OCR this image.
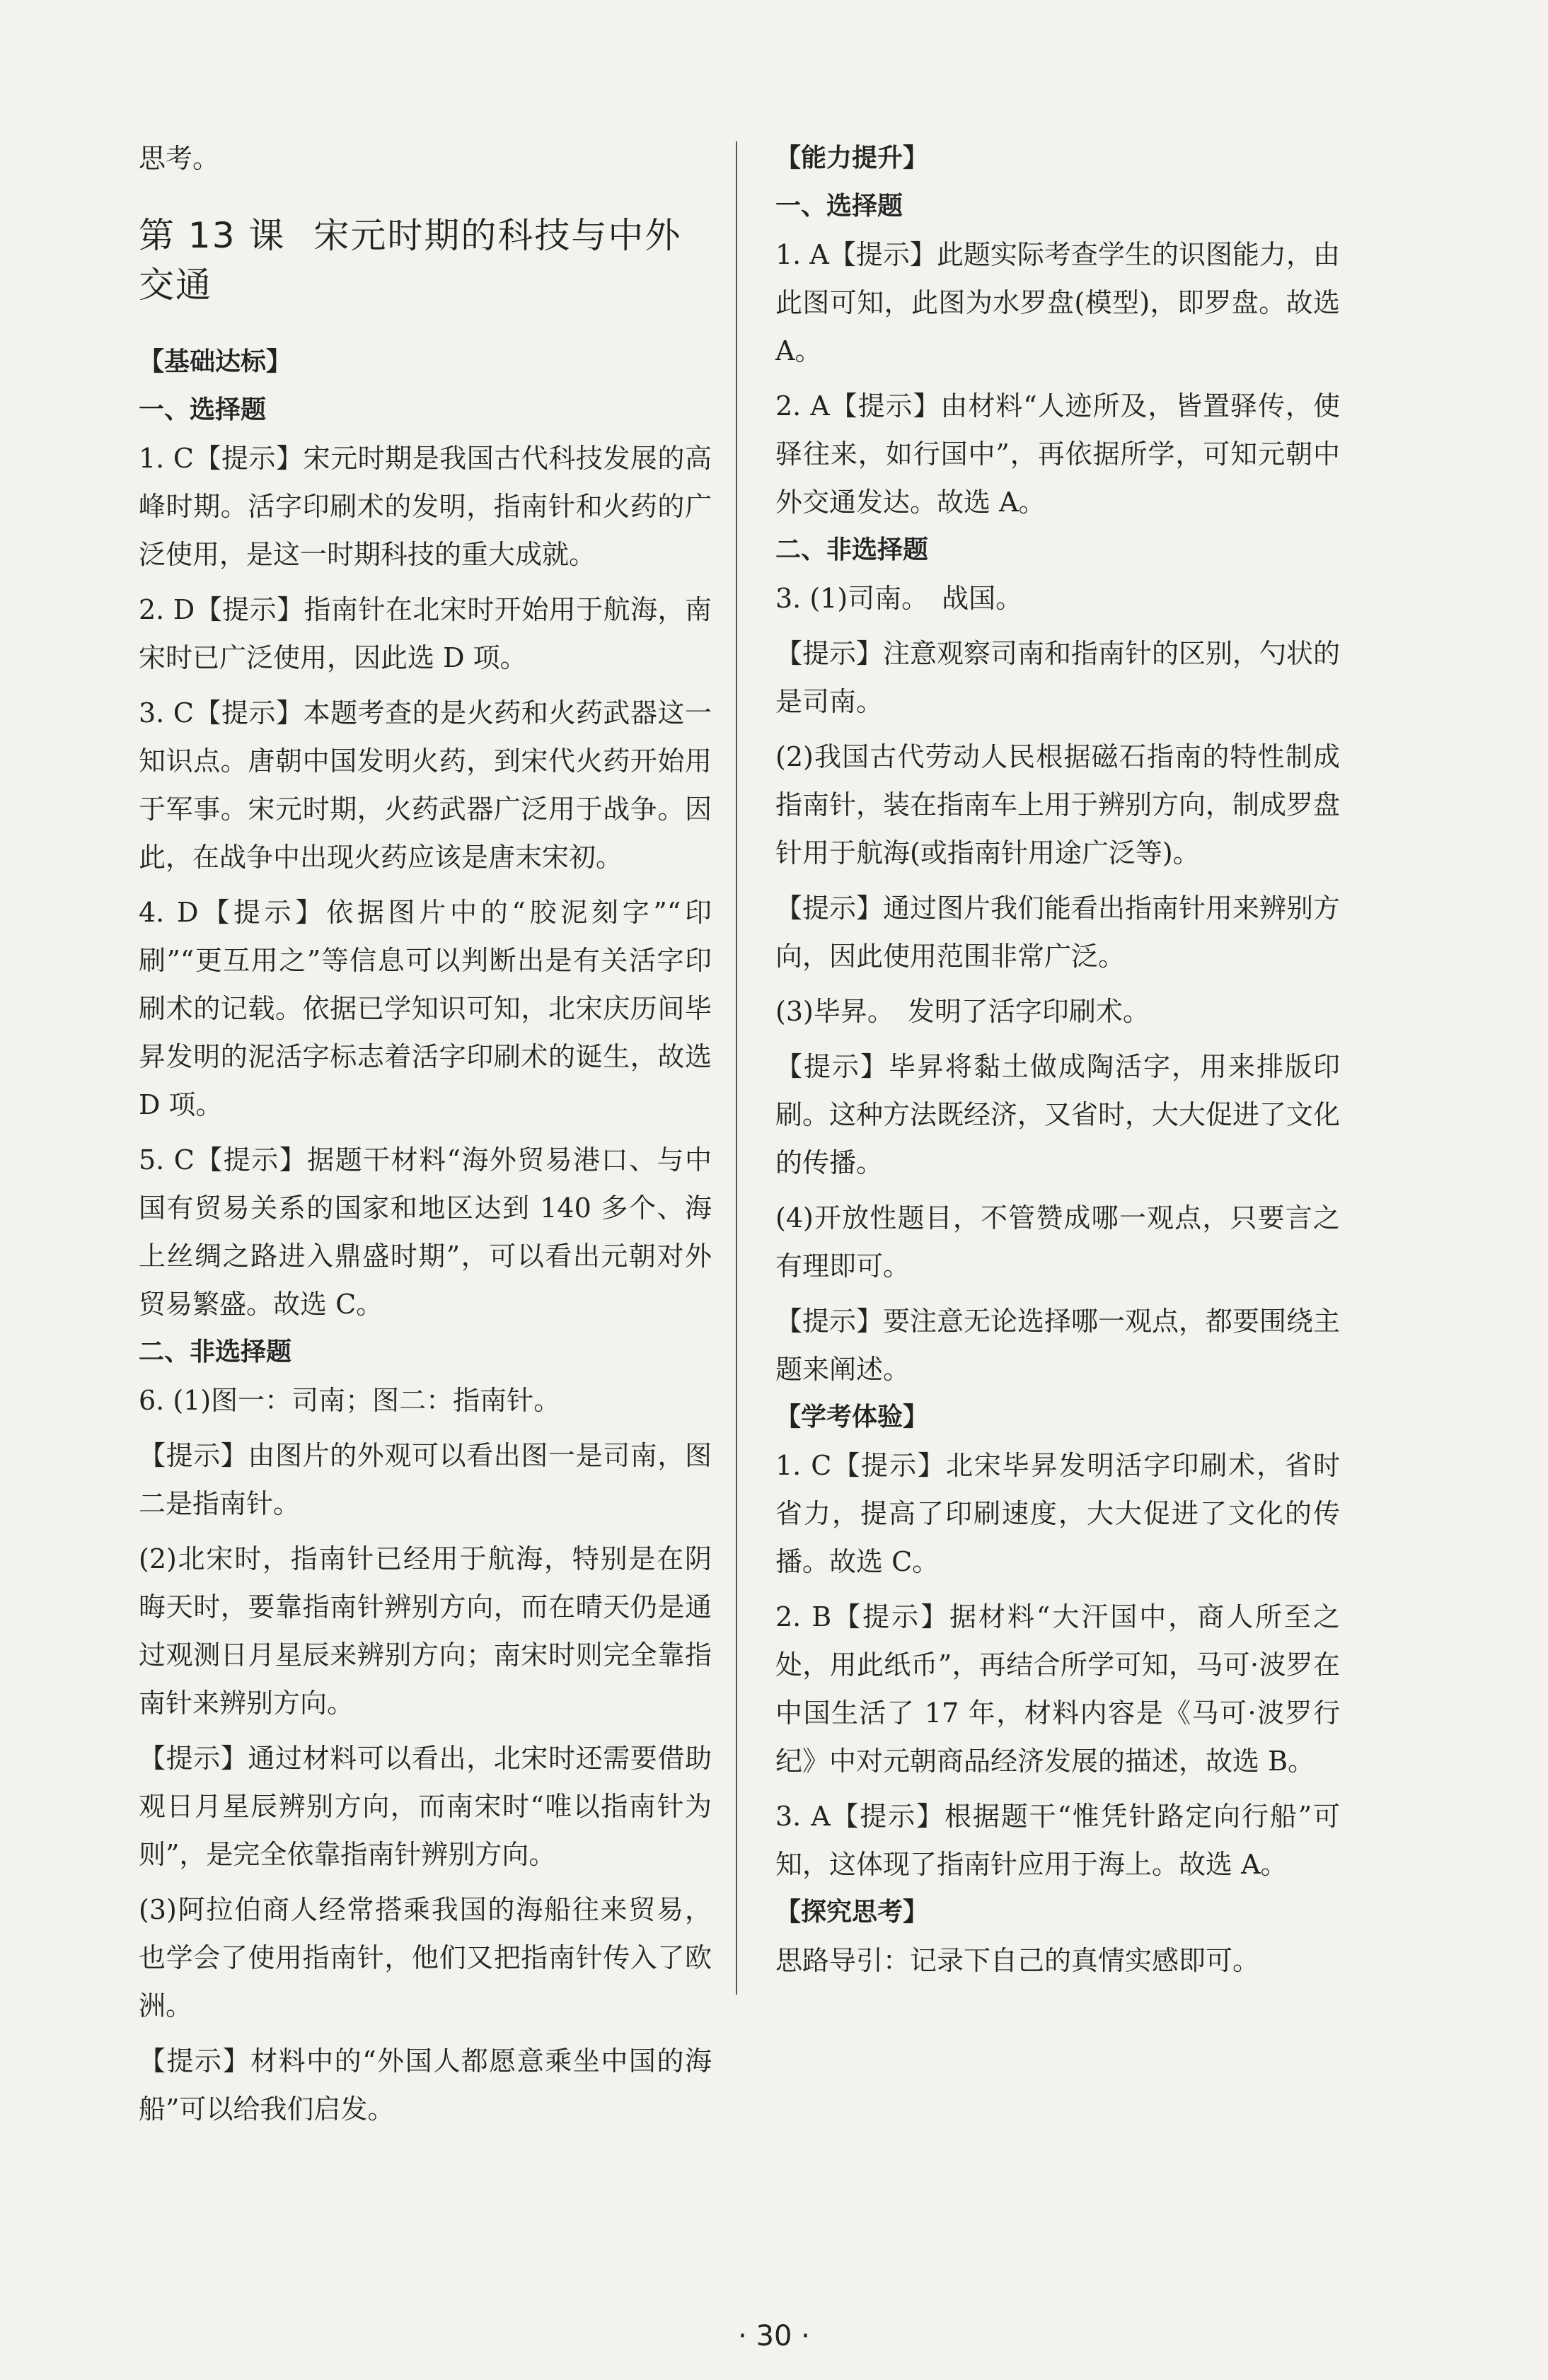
思考。

第 13 课 宋元时期的科技与中外交通
【基础达标】
一、选择题

1. C【提示】宋元时期是我国古代科技发展的高峰时期。活字印刷术的发明，指南针和火药的广泛使用，是这一时期科技的重大成就。

2. D【提示】指南针在北宋时开始用于航海，南宋时已广泛使用，因此选 D 项。

3. C【提示】本题考查的是火药和火药武器这一知识点。唐朝中国发明火药，到宋代火药开始用于军事。宋元时期，火药武器广泛用于战争。因此，在战争中出现火药应该是唐末宋初。

4. D【提示】依据图片中的“胶泥刻字”“印刷”“更互用之”等信息可以判断出是有关活字印刷术的记载。依据已学知识可知，北宋庆历间毕昇发明的泥活字标志着活字印刷术的诞生，故选 D 项。

5. C【提示】据题干材料“海外贸易港口、与中国有贸易关系的国家和地区达到 140 多个、海上丝绸之路进入鼎盛时期”，可以看出元朝对外贸易繁盛。故选 C。

二、非选择题

6. (1)图一：司南；图二：指南针。

【提示】由图片的外观可以看出图一是司南，图二是指南针。

(2)北宋时，指南针已经用于航海，特别是在阴晦天时，要靠指南针辨别方向，而在晴天仍是通过观测日月星辰来辨别方向；南宋时则完全靠指南针来辨别方向。

【提示】通过材料可以看出，北宋时还需要借助观日月星辰辨别方向，而南宋时“唯以指南针为则”，是完全依靠指南针辨别方向。

(3)阿拉伯商人经常搭乘我国的海船往来贸易，也学会了使用指南针，他们又把指南针传入了欧洲。

【提示】材料中的“外国人都愿意乘坐中国的海船”可以给我们启发。

【能力提升】
一、选择题

1. A【提示】此题实际考查学生的识图能力，由此图可知，此图为水罗盘(模型)，即罗盘。故选 A。

2. A【提示】由材料“人迹所及，皆置驿传，使驿往来，如行国中”，再依据所学，可知元朝中外交通发达。故选 A。

二、非选择题

3. (1)司南。　战国。

【提示】注意观察司南和指南针的区别，勺状的是司南。

(2)我国古代劳动人民根据磁石指南的特性制成指南针，装在指南车上用于辨别方向，制成罗盘针用于航海(或指南针用途广泛等)。

【提示】通过图片我们能看出指南针用来辨别方向，因此使用范围非常广泛。

(3)毕昇。　发明了活字印刷术。

【提示】毕昇将黏土做成陶活字，用来排版印刷。这种方法既经济，又省时，大大促进了文化的传播。

(4)开放性题目，不管赞成哪一观点，只要言之有理即可。

【提示】要注意无论选择哪一观点，都要围绕主题来阐述。

【学考体验】

1. C【提示】北宋毕昇发明活字印刷术，省时省力，提高了印刷速度，大大促进了文化的传播。故选 C。

2. B【提示】据材料“大汗国中，商人所至之处，用此纸币”，再结合所学可知，马可·波罗在中国生活了 17 年，材料内容是《马可·波罗行纪》中对元朝商品经济发展的描述，故选 B。

3. A【提示】根据题干“惟凭针路定向行船”可知，这体现了指南针应用于海上。故选 A。

【探究思考】

思路导引：记录下自己的真情实感即可。

· 30 ·
